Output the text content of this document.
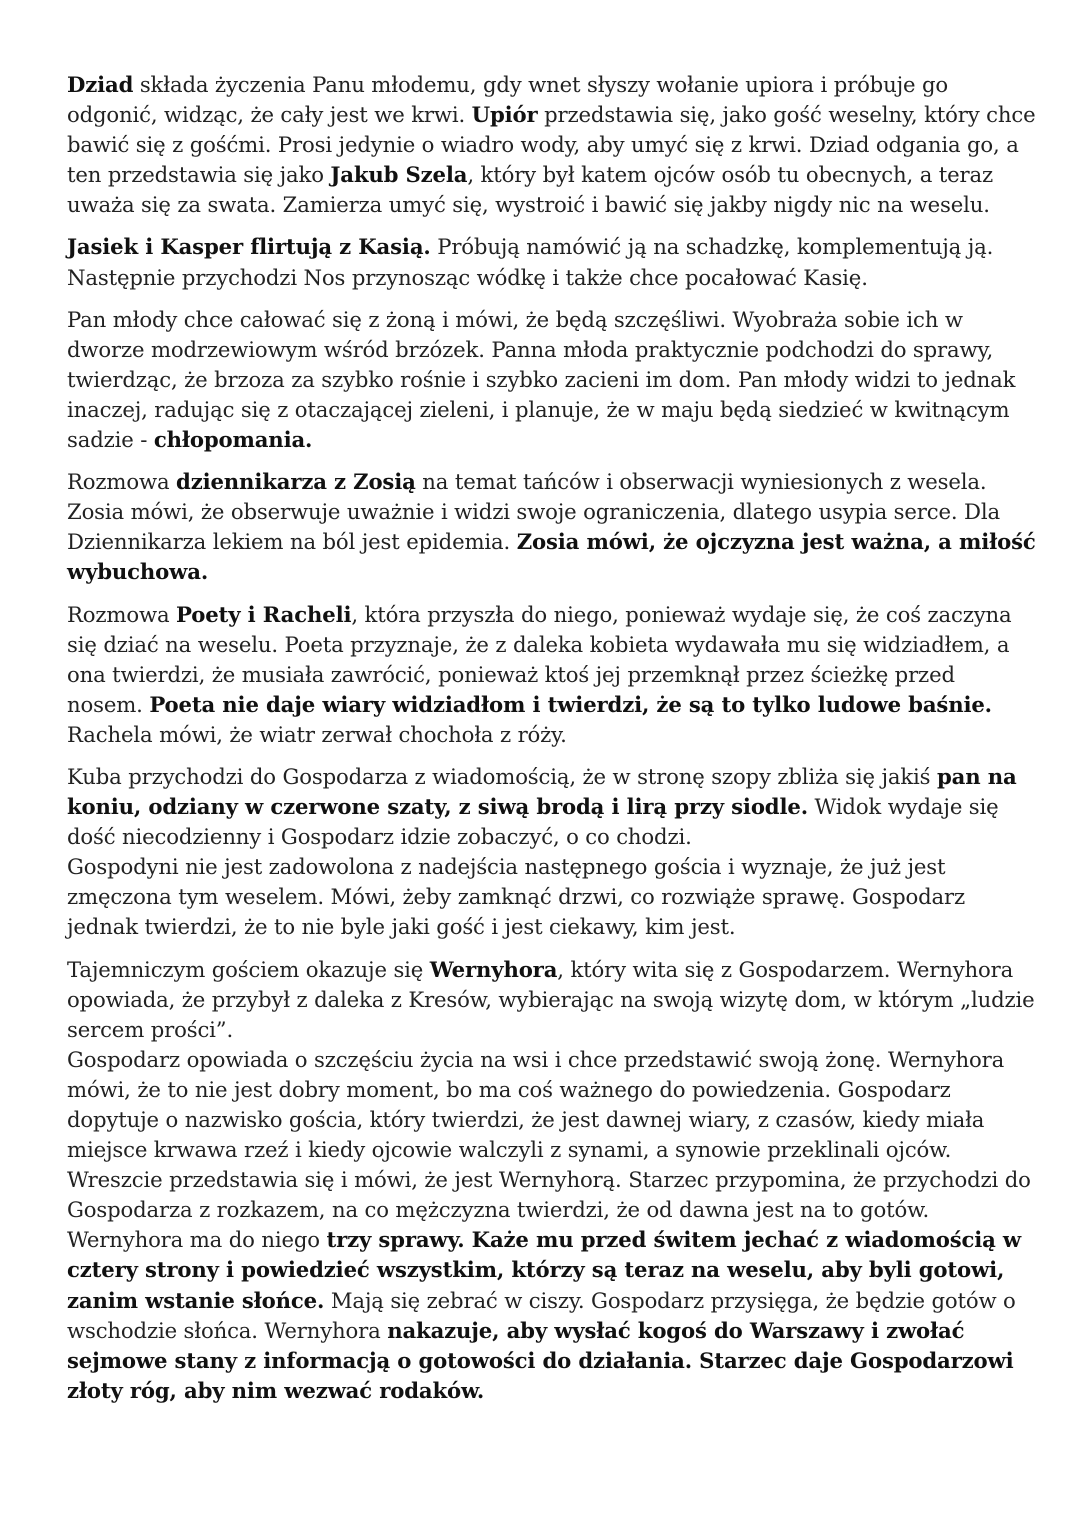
Dziad składa życzenia Panu młodemu, gdy wnet słyszy wołanie upiora i próbuje go odgonić, widząc, że cały jest we krwi. Upiór przedstawia się, jako gość weselny, który chce bawić się z gośćmi. Prosi jedynie o wiadro wody, aby umyć się z krwi. Dziad odgania go, a ten przedstawia się jako Jakub Szela, który był katem ojców osób tu obecnych, a teraz uważa się za swata. Zamierza umyć się, wystroić i bawić się jakby nigdy nic na weselu.

Jasiek i Kasper flirtują z Kasią. Próbują namówić ją na schadzkę, komplementują ją. Następnie przychodzi Nos przynosząc wódkę i także chce pocałować Kasię.

Pan młody chce całować się z żoną i mówi, że będą szczęśliwi. Wyobraża sobie ich w dworze modrzewiowym wśród brzózek. Panna młoda praktycznie podchodzi do sprawy, twierdząc, że brzoza za szybko rośnie i szybko zacieni im dom. Pan młody widzi to jednak inaczej, radując się z otaczającej zieleni, i planuje, że w maju będą siedzieć w kwitnącym sadzie - chłopomania.

Rozmowa dziennikarza z Zosią na temat tańców i obserwacji wyniesionych z wesela. Zosia mówi, że obserwuje uważnie i widzi swoje ograniczenia, dlatego usypia serce. Dla Dziennikarza lekiem na ból jest epidemia. Zosia mówi, że ojczyzna jest ważna, a miłość wybuchowa.

Rozmowa Poety i Racheli, która przyszła do niego, ponieważ wydaje się, że coś zaczyna się dziać na weselu. Poeta przyznaje, że z daleka kobieta wydawała mu się widziadłem, a ona twierdzi, że musiała zawrócić, ponieważ ktoś jej przemknął przez ścieżkę przed nosem. Poeta nie daje wiary widziadłom i twierdzi, że są to tylko ludowe baśnie. Rachela mówi, że wiatr zerwał chochoła z róży.

Kuba przychodzi do Gospodarza z wiadomością, że w stronę szopy zbliża się jakiś pan na koniu, odziany w czerwone szaty, z siwą brodą i lirą przy siodle. Widok wydaje się dość niecodzienny i Gospodarz idzie zobaczyć, o co chodzi.

Gospodyni nie jest zadowolona z nadejścia następnego gościa i wyznaje, że już jest zmęczona tym weselem. Mówi, żeby zamknąć drzwi, co rozwiąże sprawę. Gospodarz jednak twierdzi, że to nie byle jaki gość i jest ciekawy, kim jest.

Tajemniczym gościem okazuje się Wernyhora, który wita się z Gospodarzem. Wernyhora opowiada, że przybył z daleka z Kresów, wybierając na swoją wizytę dom, w którym „ludzie sercem prości”.

Gospodarz opowiada o szczęściu życia na wsi i chce przedstawić swoją żonę. Wernyhora mówi, że to nie jest dobry moment, bo ma coś ważnego do powiedzenia. Gospodarz dopytuje o nazwisko gościa, który twierdzi, że jest dawnej wiary, z czasów, kiedy miała miejsce krwawa rzeź i kiedy ojcowie walczyli z synami, a synowie przeklinali ojców. Wreszcie przedstawia się i mówi, że jest Wernyhorą. Starzec przypomina, że przychodzi do Gospodarza z rozkazem, na co mężczyzna twierdzi, że od dawna jest na to gotów.

Wernyhora ma do niego trzy sprawy. Każe mu przed świtem jechać z wiadomością w cztery strony i powiedzieć wszystkim, którzy są teraz na weselu, aby byli gotowi, zanim wstanie słońce. Mają się zebrać w ciszy. Gospodarz przysięga, że będzie gotów o wschodzie słońca. Wernyhora nakazuje, aby wysłać kogoś do Warszawy i zwołać sejmowe stany z informacją o gotowości do działania. Starzec daje Gospodarzowi złoty róg, aby nim wezwać rodaków.
